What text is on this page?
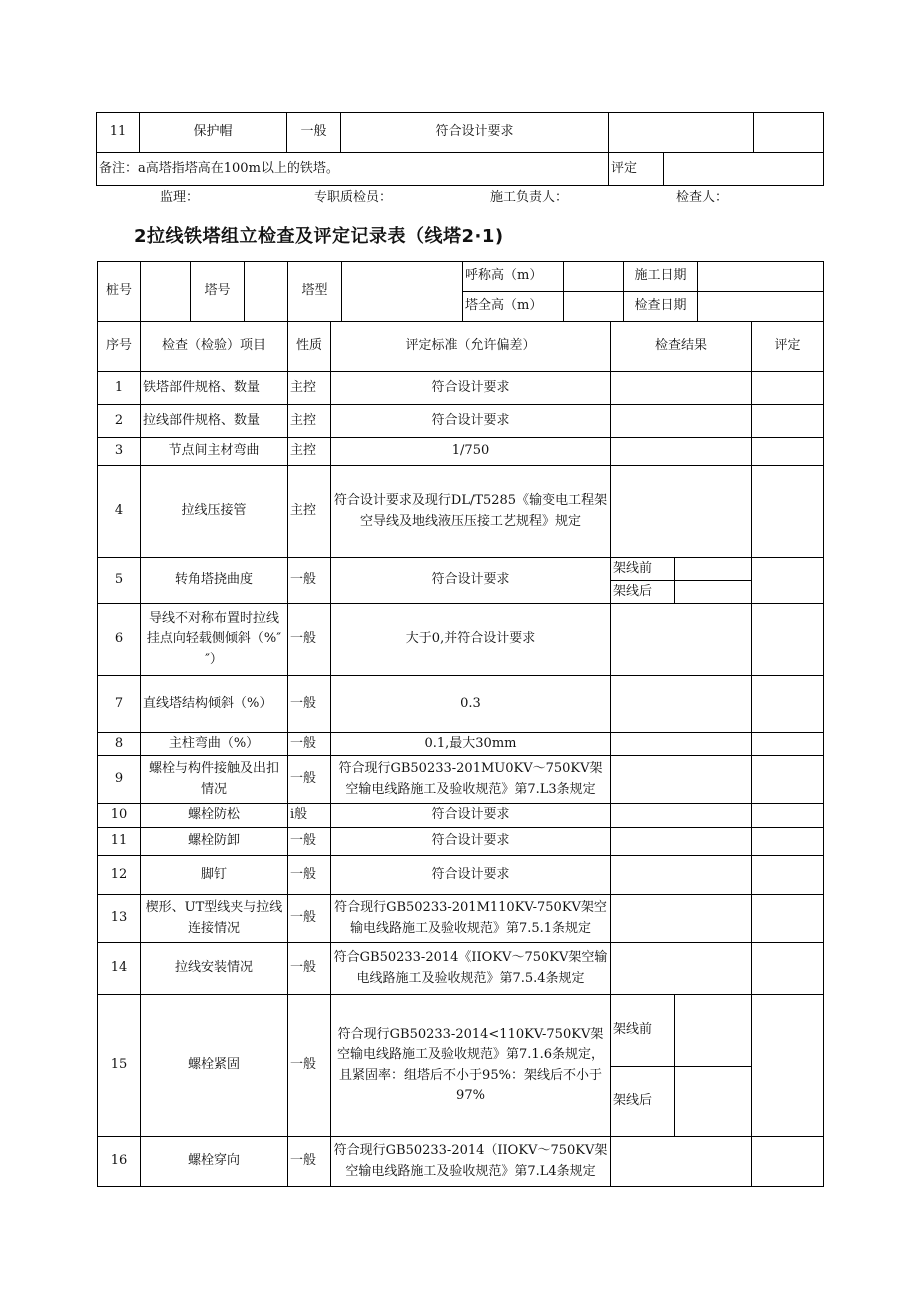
11	保护帽	一般	符合设计要求			
备注：a高塔指塔高在100m以上的铁塔。				评定		
监理：	专职质检员：	施工负责人：	检查人：
2拉线铁塔组立检查及评定记录表（线塔2·1)
桩号		塔号		塔型		呼称高（m）		施工日期	
						塔全高（m）		检查日期	
序号	检查（检验）项目	性质	评定标准（允许偏差）	检查结果		评定
1	铁塔部件规格、数量	主控	符合设计要求			
2	拉线部件规格、数量	主控	符合设计要求			
3	节点间主材弯曲	主控	1/750			
4	拉线压接管	主控	符合设计要求及现行DL/T5285《输变电工程架空导线及地线液压压接工艺规程》规定			
5	转角塔挠曲度	一般	符合设计要求	架线前		
				架线后		
6	导线不对称布置时拉线挂点向轻载侧倾斜（%″″）	一般	大于0,并符合设计要求			
7	直线塔结构倾斜（%）	一般	0.3			
8	主柱弯曲（%）	一般	0.1,最大30mm			
9	螺栓与构件接触及出扣情况	一般	符合现行GB50233-201MU0KV～750KV架空输电线路施工及验收规范》第7.L3条规定			
10	螺栓防松	i般	符合设计要求			
11	螺栓防卸	一般	符合设计要求			
12	脚钉	一般	符合设计要求			
13	楔形、UT型线夹与拉线连接情况	一般	符合现行GB50233-201M110KV-750KV架空输电线路施工及验收规范》第7.5.1条规定			
14	拉线安装情况	一般	符合GB50233-2014《IIOKV～750KV架空输电线路施工及验收规范》第7.5.4条规定			
15	螺栓紧固	一般	符合现行GB50233-2014<110KV-750KV架空输电线路施工及验收规范》第7.1.6条规定，且紧固率：组塔后不小于95%：架线后不小于97%	架线前		
				架线后		
16	螺栓穿向	一般	符合现行GB50233-2014（IIOKV～750KV架空输电线路施工及验收规范》第7.L4条规定			
